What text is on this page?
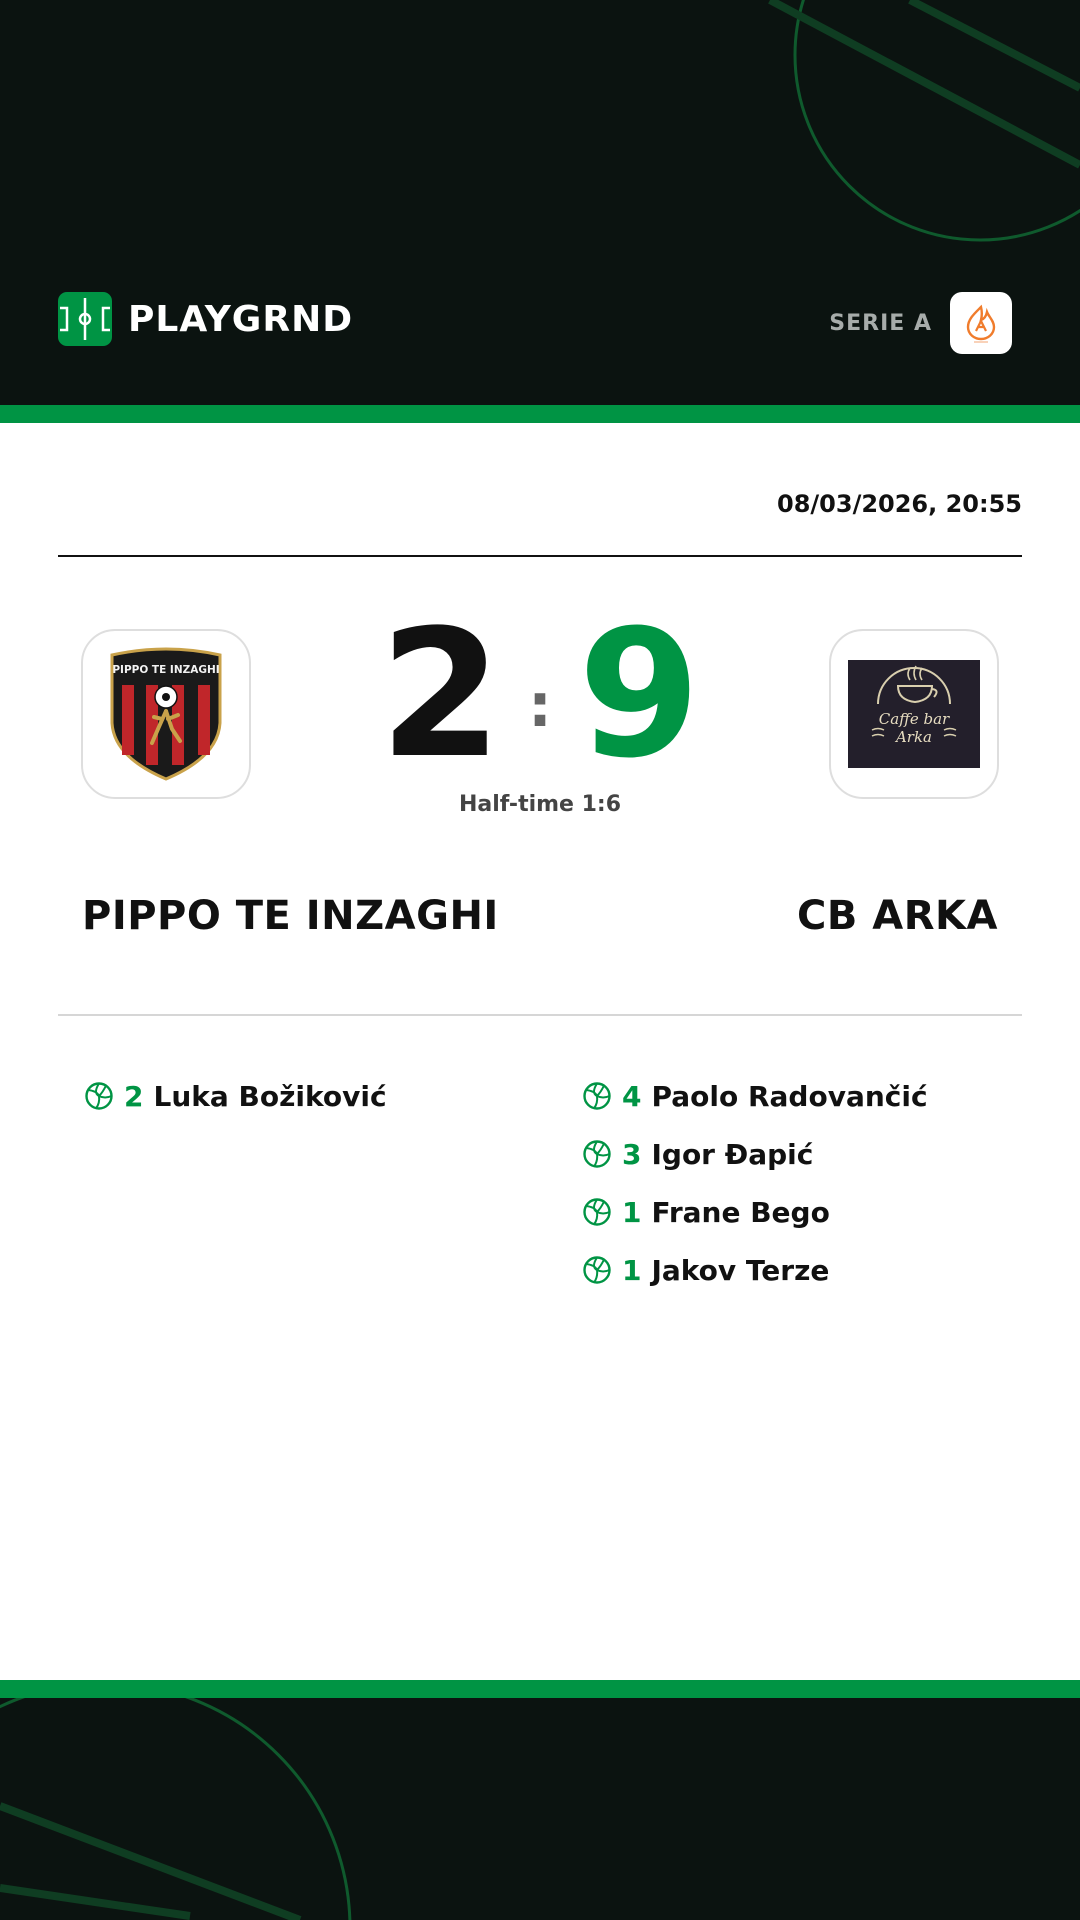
PLAYGRND	SERIE A
08/03/2026, 20:55
PIPPO TE INZAGHI 2 : 9
Half-time 1:6
Caffe bar
Arka
PIPPO TE INZAGHI	CB ARKA
2 Luka Božiković	4 Paolo Radovančić
3 Igor Đapić
1 Frane Bego
1 Jakov Terze
